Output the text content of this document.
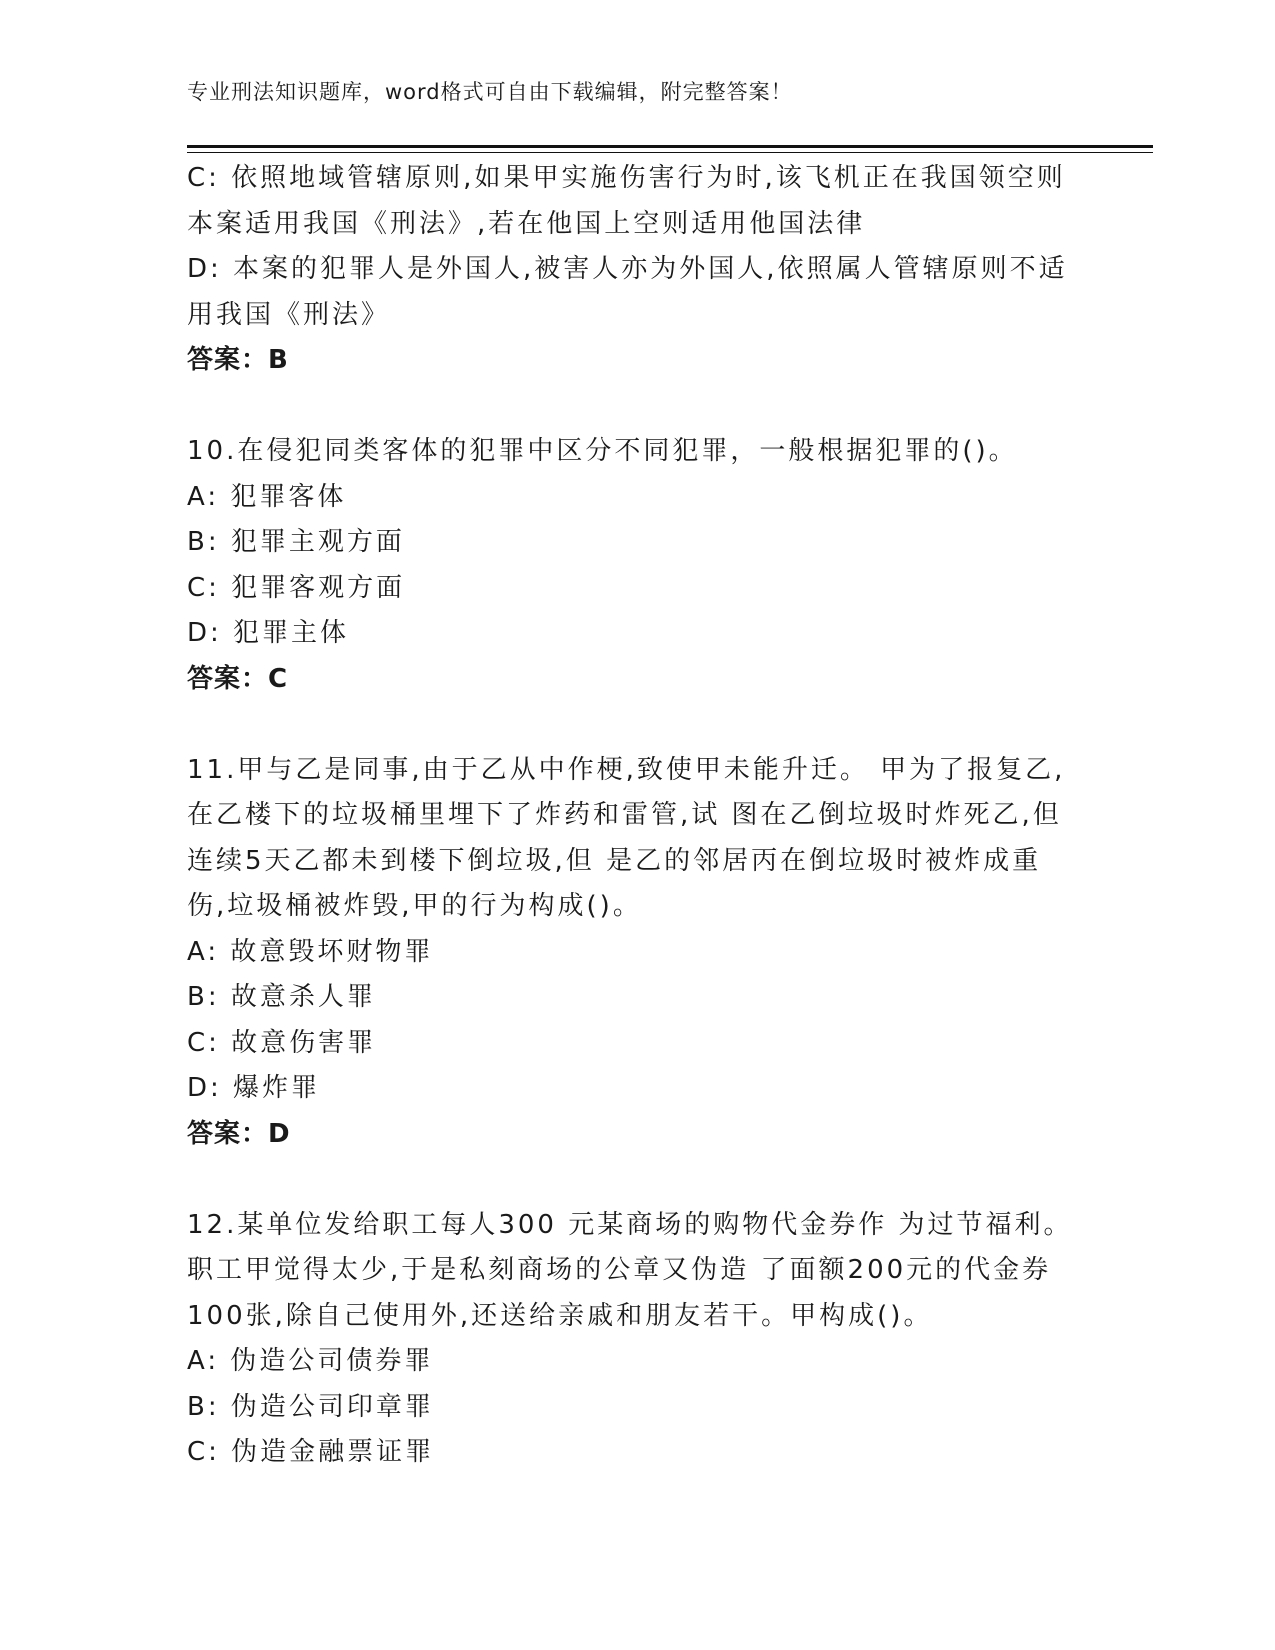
专业刑法知识题库，word格式可自由下载编辑，附完整答案！
C: 依照地域管辖原则,如果甲实施伤害行为时,该飞机正在我国领空则
本案适用我国《刑法》,若在他国上空则适用他国法律
D: 本案的犯罪人是外国人,被害人亦为外国人,依照属人管辖原则不适
用我国《刑法》
答案：B
10.在侵犯同类客体的犯罪中区分不同犯罪，一般根据犯罪的()。
A: 犯罪客体
B: 犯罪主观方面
C: 犯罪客观方面
D: 犯罪主体
答案：C
11.甲与乙是同事,由于乙从中作梗,致使甲未能升迁。 甲为了报复乙,
在乙楼下的垃圾桶里埋下了炸药和雷管,试 图在乙倒垃圾时炸死乙,但
连续5天乙都未到楼下倒垃圾,但 是乙的邻居丙在倒垃圾时被炸成重
伤,垃圾桶被炸毁,甲的行为构成()。
A: 故意毁坏财物罪
B: 故意杀人罪
C: 故意伤害罪
D: 爆炸罪
答案：D
12.某单位发给职工每人300 元某商场的购物代金券作 为过节福利。
职工甲觉得太少,于是私刻商场的公章又伪造 了面额200元的代金券
100张,除自己使用外,还送给亲戚和朋友若干。甲构成()。
A: 伪造公司债券罪
B: 伪造公司印章罪
C: 伪造金融票证罪
